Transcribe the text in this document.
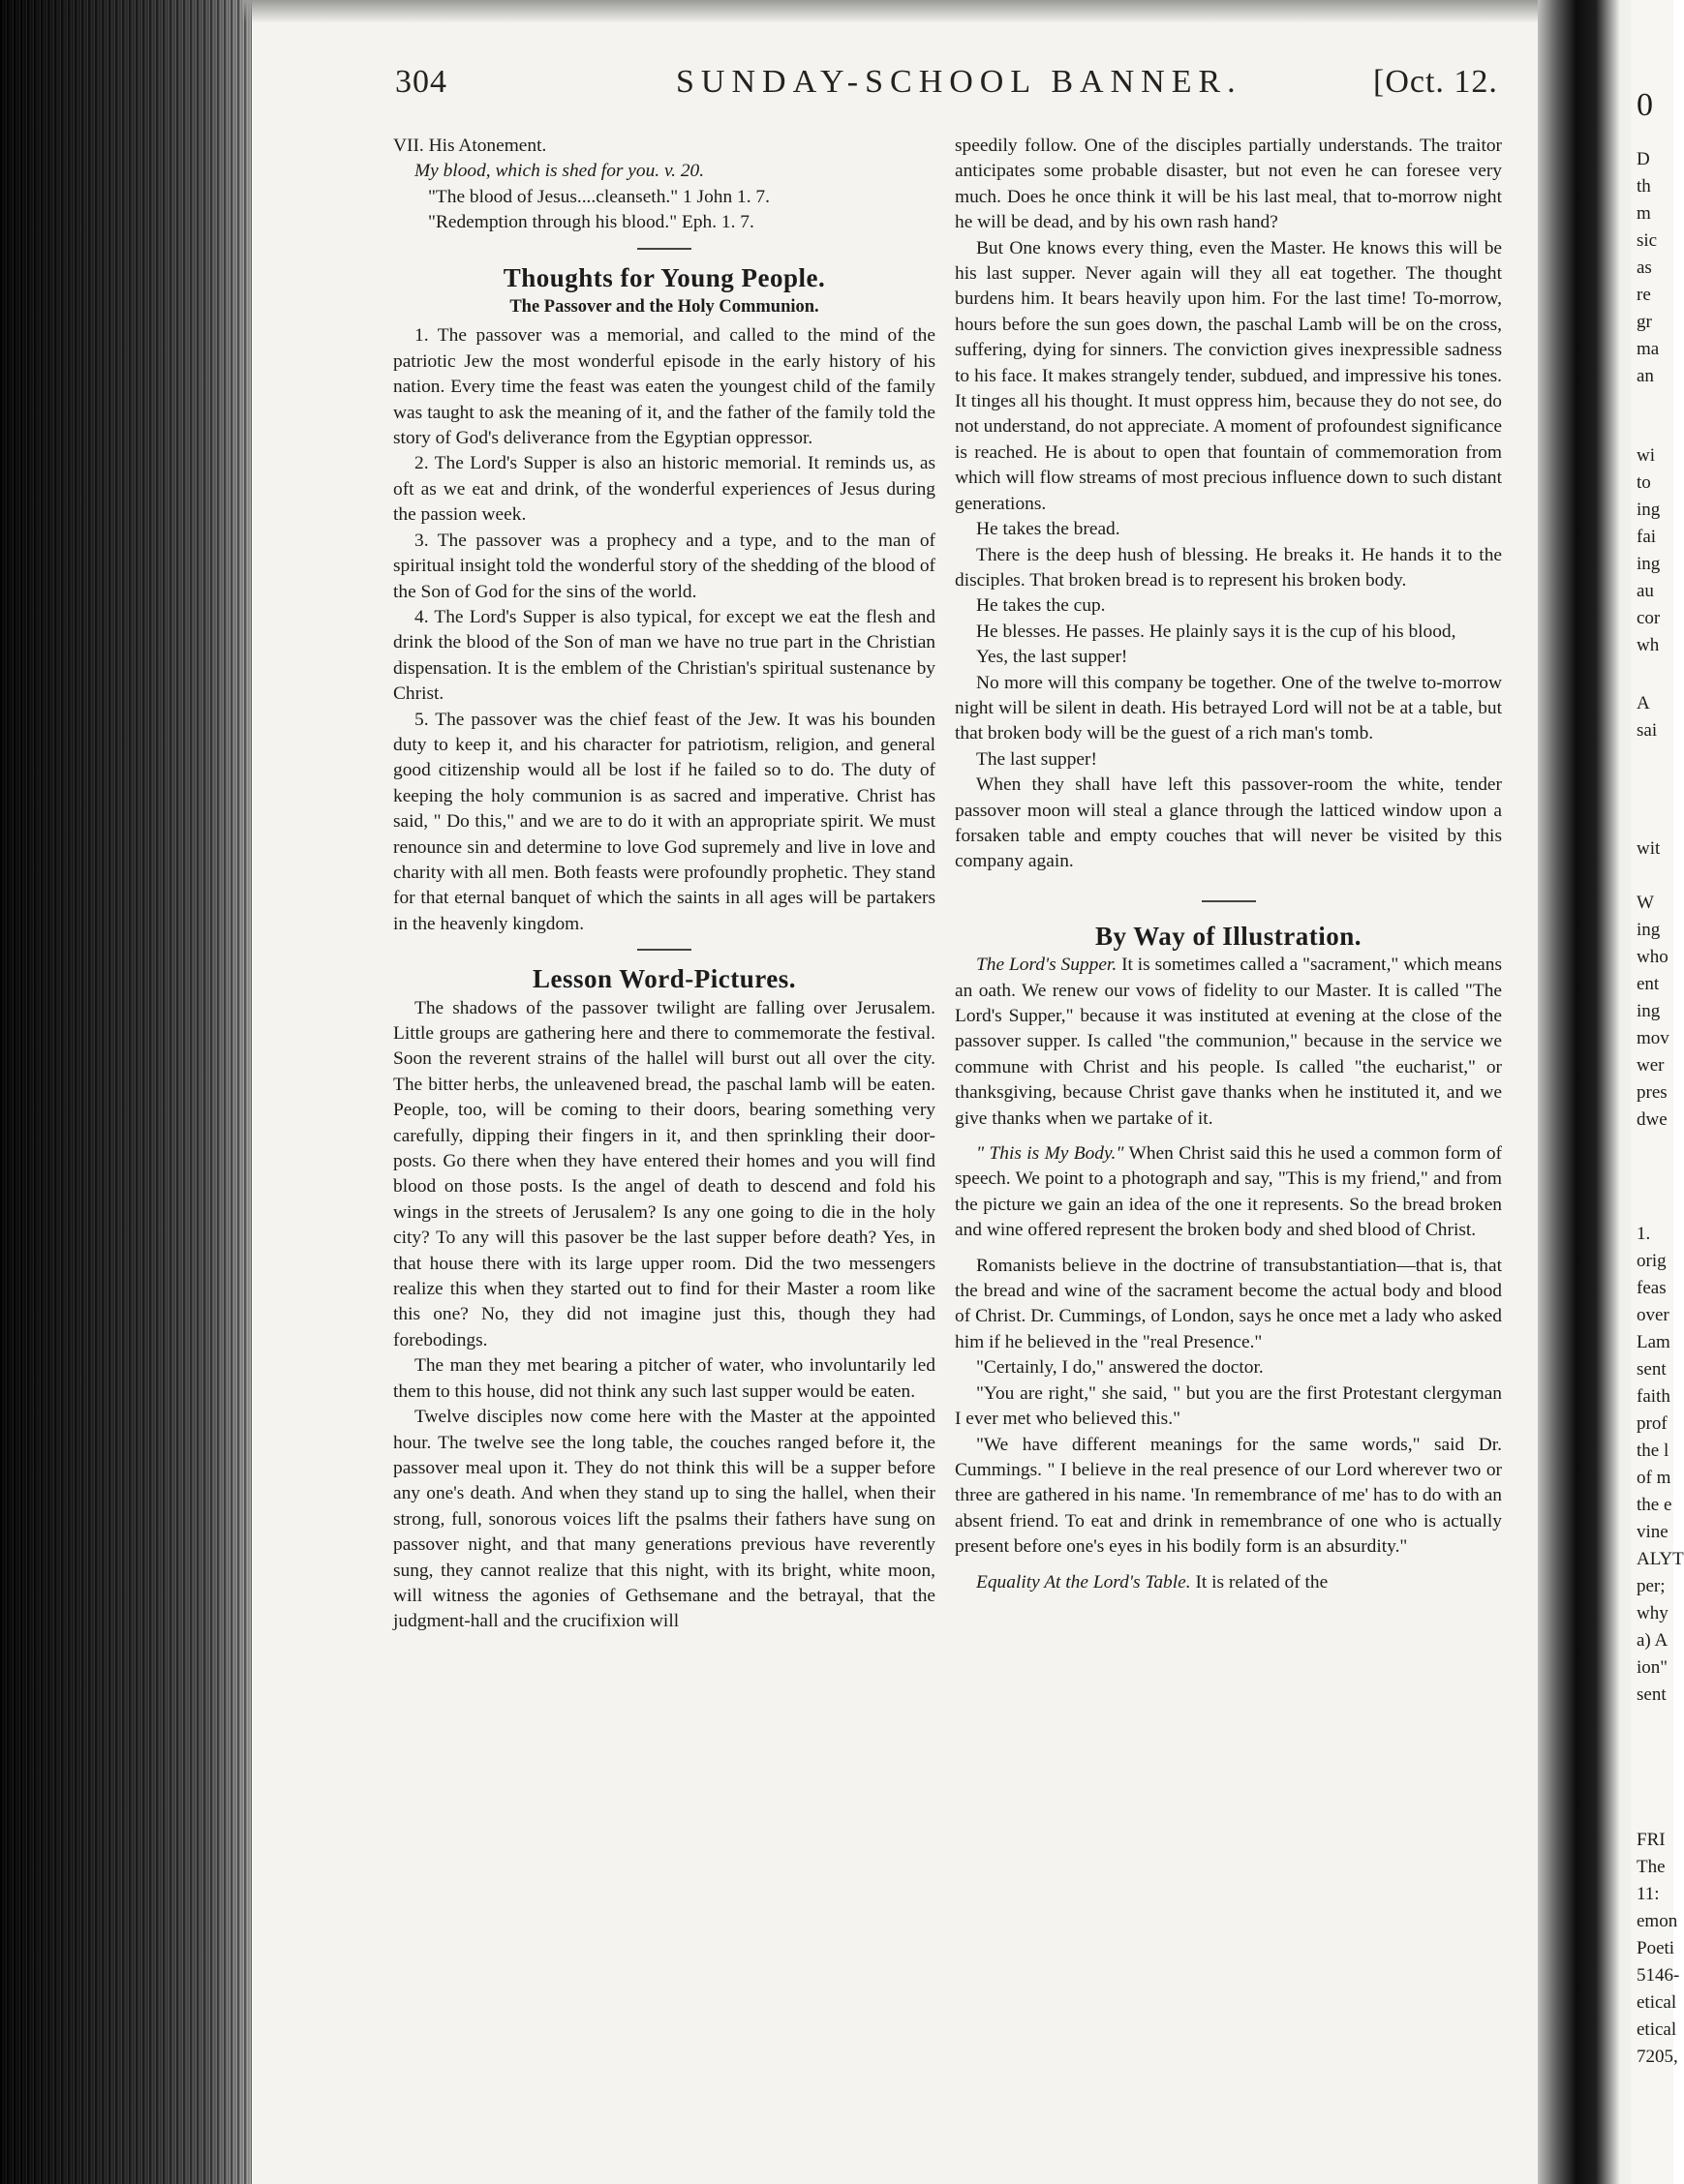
304	SUNDAY-SCHOOL BANNER.	[Oct. 12.

VII. His Atonement.

My blood, which is shed for you. v. 20.

"The blood of Jesus....cleanseth." 1 John 1. 7.

"Redemption through his blood." Eph. 1. 7.

Thoughts for Young People.
The Passover and the Holy Communion.

1. The passover was a memorial, and called to the mind of the patriotic Jew the most wonderful episode in the early history of his nation. Every time the feast was eaten the youngest child of the family was taught to ask the meaning of it, and the father of the family told the story of God's deliverance from the Egyptian oppressor.

2. The Lord's Supper is also an historic memorial. It reminds us, as oft as we eat and drink, of the wonderful experiences of Jesus during the passion week.

3. The passover was a prophecy and a type, and to the man of spiritual insight told the wonderful story of the shedding of the blood of the Son of God for the sins of the world.

4. The Lord's Supper is also typical, for except we eat the flesh and drink the blood of the Son of man we have no true part in the Christian dispensation. It is the emblem of the Christian's spiritual sustenance by Christ.

5. The passover was the chief feast of the Jew. It was his bounden duty to keep it, and his character for patriotism, religion, and general good citizenship would all be lost if he failed so to do. The duty of keeping the holy communion is as sacred and imperative. Christ has said, " Do this," and we are to do it with an appropriate spirit. We must renounce sin and determine to love God supremely and live in love and charity with all men. Both feasts were profoundly prophetic. They stand for that eternal banquet of which the saints in all ages will be partakers in the heavenly kingdom.

Lesson Word-Pictures.

The shadows of the passover twilight are falling over Jerusalem. Little groups are gathering here and there to commemorate the festival. Soon the reverent strains of the hallel will burst out all over the city. The bitter herbs, the unleavened bread, the paschal lamb will be eaten. People, too, will be coming to their doors, bearing something very carefully, dipping their fingers in it, and then sprinkling their door-posts. Go there when they have entered their homes and you will find blood on those posts. Is the angel of death to descend and fold his wings in the streets of Jerusalem? Is any one going to die in the holy city? To any will this pasover be the last supper before death? Yes, in that house there with its large upper room. Did the two messengers realize this when they started out to find for their Master a room like this one? No, they did not imagine just this, though they had forebodings.

The man they met bearing a pitcher of water, who involuntarily led them to this house, did not think any such last supper would be eaten.

Twelve disciples now come here with the Master at the appointed hour. The twelve see the long table, the couches ranged before it, the passover meal upon it. They do not think this will be a supper before any one's death. And when they stand up to sing the hallel, when their strong, full, sonorous voices lift the psalms their fathers have sung on passover night, and that many generations previous have reverently sung, they cannot realize that this night, with its bright, white moon, will witness the agonies of Gethsemane and the betrayal, that the judgment-hall and the crucifixion will

speedily follow. One of the disciples partially understands. The traitor anticipates some probable disaster, but not even he can foresee very much. Does he once think it will be his last meal, that to-morrow night he will be dead, and by his own rash hand?

But One knows every thing, even the Master. He knows this will be his last supper. Never again will they all eat together. The thought burdens him. It bears heavily upon him. For the last time! To-morrow, hours before the sun goes down, the paschal Lamb will be on the cross, suffering, dying for sinners. The conviction gives inexpressible sadness to his face. It makes strangely tender, subdued, and impressive his tones. It tinges all his thought. It must oppress him, because they do not see, do not understand, do not appreciate. A moment of profoundest significance is reached. He is about to open that fountain of commemoration from which will flow streams of most precious influence down to such distant generations.

He takes the bread.

There is the deep hush of blessing. He breaks it. He hands it to the disciples. That broken bread is to represent his broken body.

He takes the cup.

He blesses. He passes. He plainly says it is the cup of his blood,

Yes, the last supper!

No more will this company be together. One of the twelve to-morrow night will be silent in death. His betrayed Lord will not be at a table, but that broken body will be the guest of a rich man's tomb.

The last supper!

When they shall have left this passover-room the white, tender passover moon will steal a glance through the latticed window upon a forsaken table and empty couches that will never be visited by this company again.

By Way of Illustration.

The Lord's Supper. It is sometimes called a "sacrament," which means an oath. We renew our vows of fidelity to our Master. It is called "The Lord's Supper," because it was instituted at evening at the close of the passover supper. Is called "the communion," because in the service we commune with Christ and his people. Is called "the eucharist," or thanksgiving, because Christ gave thanks when he instituted it, and we give thanks when we partake of it.

" This is My Body." When Christ said this he used a common form of speech. We point to a photograph and say, "This is my friend," and from the picture we gain an idea of the one it represents. So the bread broken and wine offered represent the broken body and shed blood of Christ.

Romanists believe in the doctrine of transubstantiation—that is, that the bread and wine of the sacrament become the actual body and blood of Christ. Dr. Cummings, of London, says he once met a lady who asked him if he believed in the "real Presence."

"Certainly, I do," answered the doctor.

"You are right," she said, " but you are the first Protestant clergyman I ever met who believed this."

"We have different meanings for the same words," said Dr. Cummings. " I believe in the real presence of our Lord wherever two or three are gathered in his name. 'In remembrance of me' has to do with an absent friend. To eat and drink in remembrance of one who is actually present before one's eyes in his bodily form is an absurdity."

Equality At the Lord's Table. It is related of the

0
D
th
m
sic
as
re
gr
ma
an
wi
to
ing
fai
ing
au
cor
wh
A
sai
wit
W
ing
who
ent
ing
mov
wer
pres
dwe
1.
orig
feas
over
Lam
sent
faith
prof
the l
of m
the e
vine
ALYT
per;
why
a) A
ion"
sent
FRI
The
11:
emon
Poeti
5146-
etical
etical
7205,
